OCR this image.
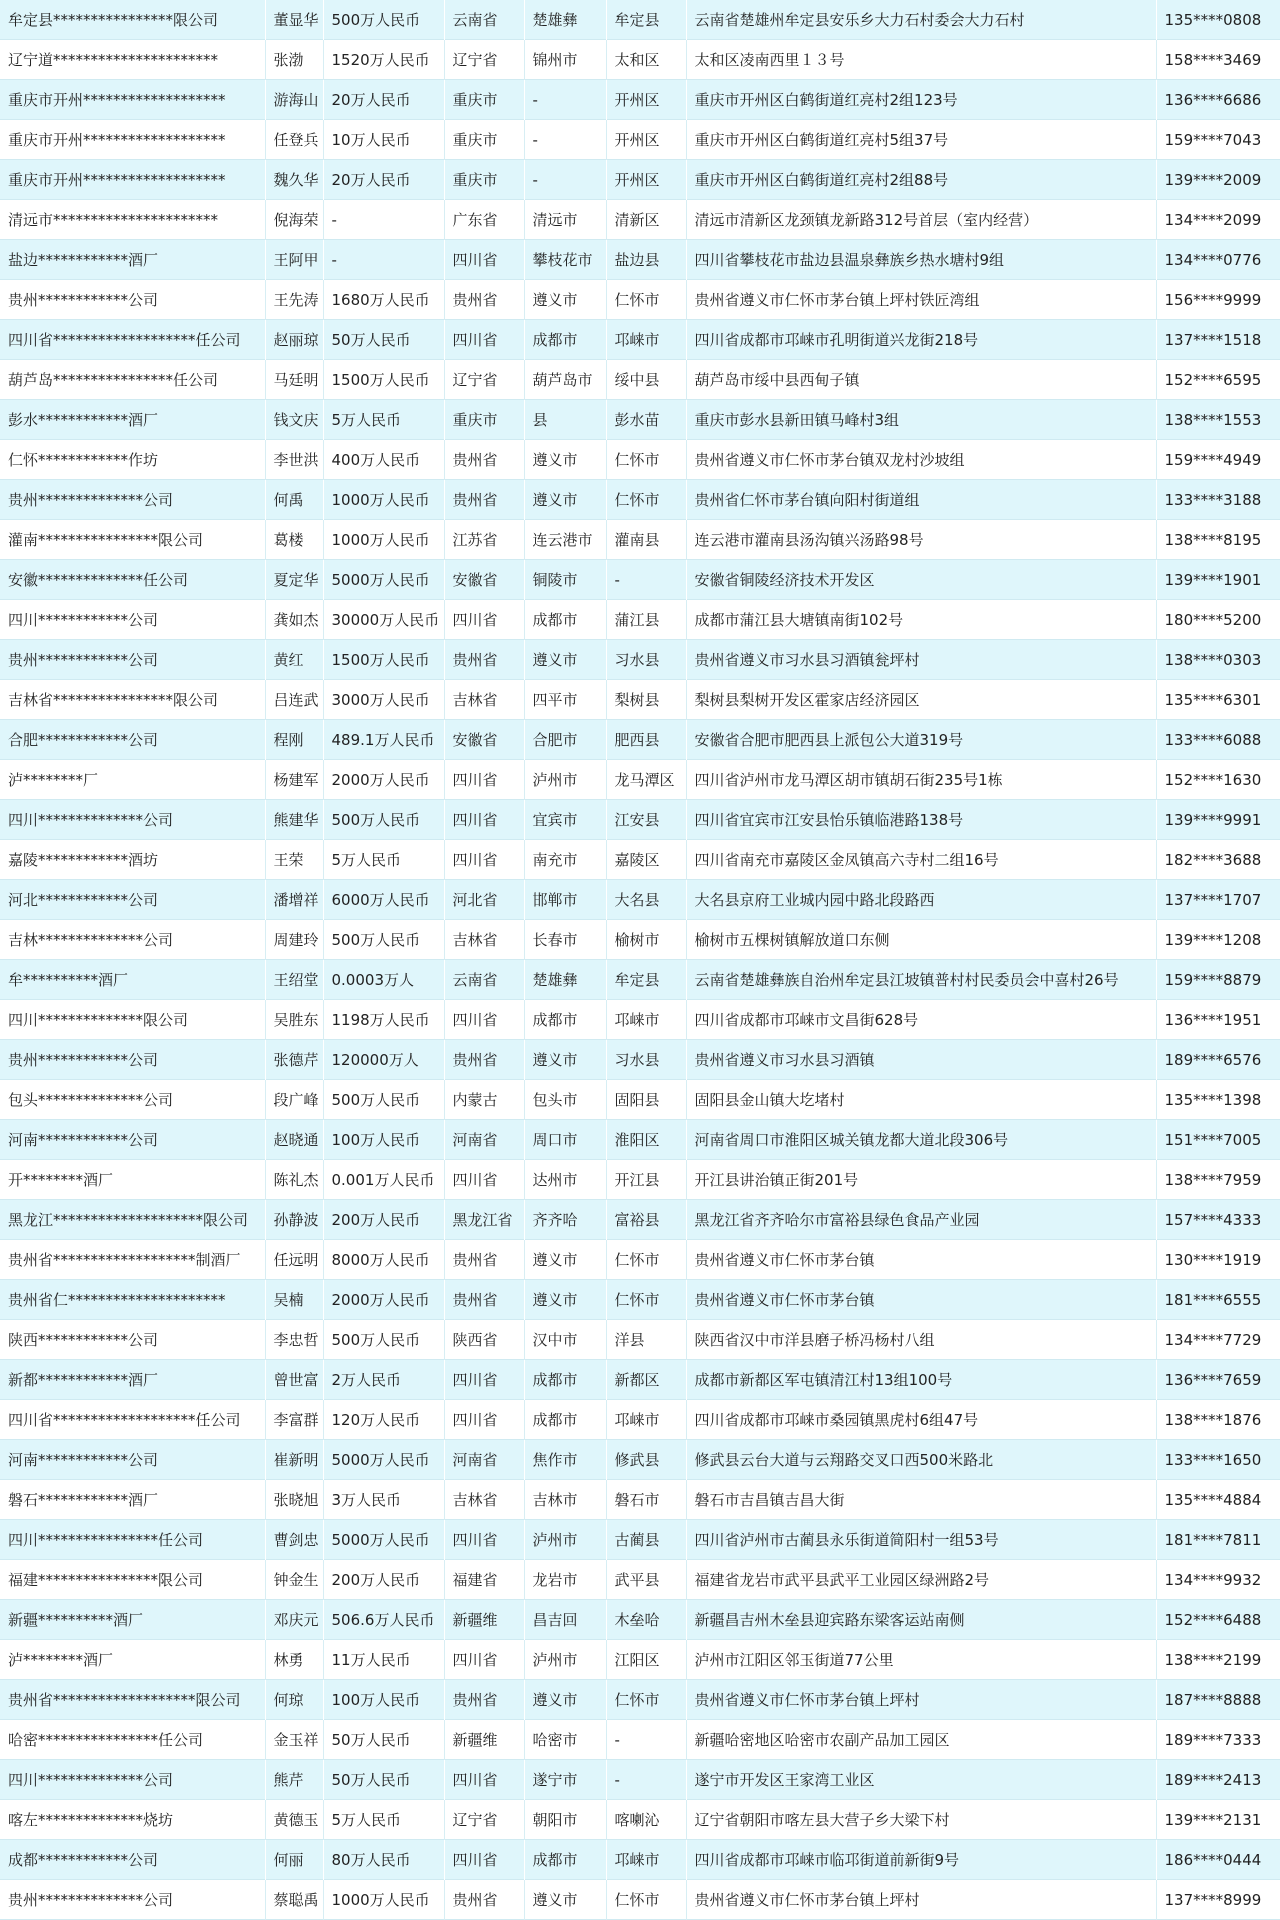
牟定县****************限公司	董显华	500万人民币	云南省	楚雄彝	牟定县	云南省楚雄州牟定县安乐乡大力石村委会大力石村	135****0808
辽宁道**********************	张渤	1520万人民币	辽宁省	锦州市	太和区	太和区凌南西里１３号	158****3469
重庆市开州*******************	游海山	20万人民币	重庆市	-	开州区	重庆市开州区白鹤街道红亮村2组123号	136****6686
重庆市开州*******************	任登兵	10万人民币	重庆市	-	开州区	重庆市开州区白鹤街道红亮村5组37号	159****7043
重庆市开州*******************	魏久华	20万人民币	重庆市	-	开州区	重庆市开州区白鹤街道红亮村2组88号	139****2009
清远市**********************	倪海荣	-	广东省	清远市	清新区	清远市清新区龙颈镇龙新路312号首层（室内经营）	134****2099
盐边************酒厂	王阿甲	-	四川省	攀枝花市	盐边县	四川省攀枝花市盐边县温泉彝族乡热水塘村9组	134****0776
贵州************公司	王先涛	1680万人民币	贵州省	遵义市	仁怀市	贵州省遵义市仁怀市茅台镇上坪村铁匠湾组	156****9999
四川省*******************任公司	赵丽琼	50万人民币	四川省	成都市	邛崃市	四川省成都市邛崃市孔明街道兴龙街218号	137****1518
葫芦岛****************任公司	马廷明	1500万人民币	辽宁省	葫芦岛市	绥中县	葫芦岛市绥中县西甸子镇	152****6595
彭水************酒厂	钱文庆	5万人民币	重庆市	县	彭水苗	重庆市彭水县新田镇马峰村3组	138****1553
仁怀************作坊	李世洪	400万人民币	贵州省	遵义市	仁怀市	贵州省遵义市仁怀市茅台镇双龙村沙坡组	159****4949
贵州**************公司	何禹	1000万人民币	贵州省	遵义市	仁怀市	贵州省仁怀市茅台镇向阳村街道组	133****3188
灌南****************限公司	葛楼	1000万人民币	江苏省	连云港市	灌南县	连云港市灌南县汤沟镇兴汤路98号	138****8195
安徽**************任公司	夏定华	5000万人民币	安徽省	铜陵市	-	安徽省铜陵经济技术开发区	139****1901
四川************公司	龚如杰	30000万人民币	四川省	成都市	蒲江县	成都市蒲江县大塘镇南街102号	180****5200
贵州************公司	黄红	1500万人民币	贵州省	遵义市	习水县	贵州省遵义市习水县习酒镇瓮坪村	138****0303
吉林省****************限公司	吕连武	3000万人民币	吉林省	四平市	梨树县	梨树县梨树开发区霍家店经济园区	135****6301
合肥************公司	程刚	489.1万人民币	安徽省	合肥市	肥西县	安徽省合肥市肥西县上派包公大道319号	133****6088
泸********厂	杨建军	2000万人民币	四川省	泸州市	龙马潭区	四川省泸州市龙马潭区胡市镇胡石街235号1栋	152****1630
四川**************公司	熊建华	500万人民币	四川省	宜宾市	江安县	四川省宜宾市江安县怡乐镇临港路138号	139****9991
嘉陵************酒坊	王荣	5万人民币	四川省	南充市	嘉陵区	四川省南充市嘉陵区金凤镇高六寺村二组16号	182****3688
河北************公司	潘增祥	6000万人民币	河北省	邯郸市	大名县	大名县京府工业城内园中路北段路西	137****1707
吉林**************公司	周建玲	500万人民币	吉林省	长春市	榆树市	榆树市五棵树镇解放道口东侧	139****1208
牟**********酒厂	王绍堂	0.0003万人	云南省	楚雄彝	牟定县	云南省楚雄彝族自治州牟定县江坡镇普村村民委员会中喜村26号	159****8879
四川**************限公司	吴胜东	1198万人民币	四川省	成都市	邛崃市	四川省成都市邛崃市文昌街628号	136****1951
贵州************公司	张德芹	120000万人	贵州省	遵义市	习水县	贵州省遵义市习水县习酒镇	189****6576
包头**************公司	段广峰	500万人民币	内蒙古	包头市	固阳县	固阳县金山镇大圪堵村	135****1398
河南************公司	赵晓通	100万人民币	河南省	周口市	淮阳区	河南省周口市淮阳区城关镇龙都大道北段306号	151****7005
开********酒厂	陈礼杰	0.001万人民币	四川省	达州市	开江县	开江县讲治镇正街201号	138****7959
黑龙江********************限公司	孙静波	200万人民币	黑龙江省	齐齐哈	富裕县	黑龙江省齐齐哈尔市富裕县绿色食品产业园	157****4333
贵州省*******************制酒厂	任远明	8000万人民币	贵州省	遵义市	仁怀市	贵州省遵义市仁怀市茅台镇	130****1919
贵州省仁*********************	吴楠	2000万人民币	贵州省	遵义市	仁怀市	贵州省遵义市仁怀市茅台镇	181****6555
陕西************公司	李忠哲	500万人民币	陕西省	汉中市	洋县	陕西省汉中市洋县磨子桥冯杨村八组	134****7729
新都************酒厂	曾世富	2万人民币	四川省	成都市	新都区	成都市新都区军屯镇清江村13组100号	136****7659
四川省*******************任公司	李富群	120万人民币	四川省	成都市	邛崃市	四川省成都市邛崃市桑园镇黑虎村6组47号	138****1876
河南************公司	崔新明	5000万人民币	河南省	焦作市	修武县	修武县云台大道与云翔路交叉口西500米路北	133****1650
磐石************酒厂	张晓旭	3万人民币	吉林省	吉林市	磐石市	磐石市吉昌镇吉昌大街	135****4884
四川****************任公司	曹剑忠	5000万人民币	四川省	泸州市	古蔺县	四川省泸州市古蔺县永乐街道简阳村一组53号	181****7811
福建****************限公司	钟金生	200万人民币	福建省	龙岩市	武平县	福建省龙岩市武平县武平工业园区绿洲路2号	134****9932
新疆**********酒厂	邓庆元	506.6万人民币	新疆维	昌吉回	木垒哈	新疆昌吉州木垒县迎宾路东梁客运站南侧	152****6488
泸********酒厂	林勇	11万人民币	四川省	泸州市	江阳区	泸州市江阳区邻玉街道77公里	138****2199
贵州省*******************限公司	何琼	100万人民币	贵州省	遵义市	仁怀市	贵州省遵义市仁怀市茅台镇上坪村	187****8888
哈密****************任公司	金玉祥	50万人民币	新疆维	哈密市	-	新疆哈密地区哈密市农副产品加工园区	189****7333
四川**************公司	熊芹	50万人民币	四川省	遂宁市	-	遂宁市开发区王家湾工业区	189****2413
喀左**************烧坊	黄德玉	5万人民币	辽宁省	朝阳市	喀喇沁	辽宁省朝阳市喀左县大营子乡大梁下村	139****2131
成都************公司	何丽	80万人民币	四川省	成都市	邛崃市	四川省成都市邛崃市临邛街道前新街9号	186****0444
贵州**************公司	蔡聪禹	1000万人民币	贵州省	遵义市	仁怀市	贵州省遵义市仁怀市茅台镇上坪村	137****8999
